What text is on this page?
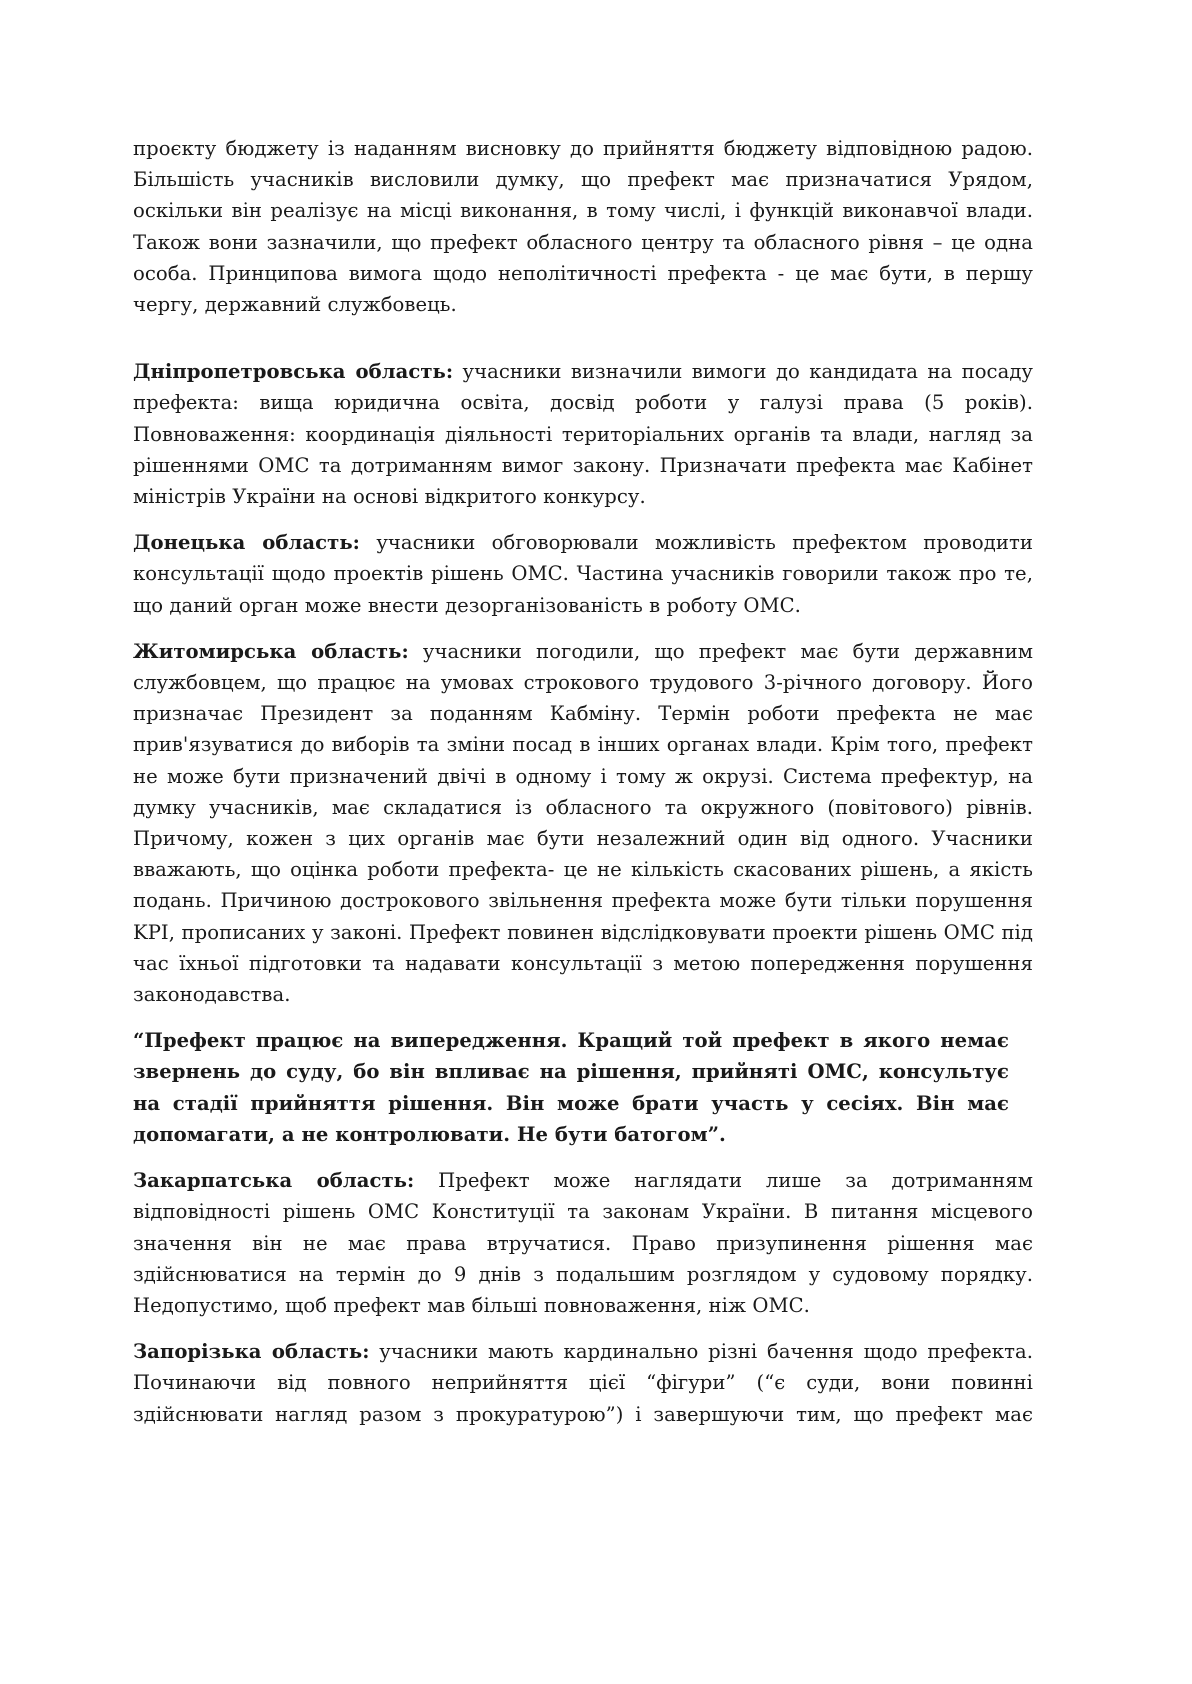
проєкту бюджету із наданням висновку до прийняття бюджету відповідною радою. Більшість учасників висловили думку, що префект має призначатися Урядом, оскільки він реалізує на місці виконання, в тому числі, і функцій виконавчої влади. Також вони зазначили, що префект обласного центру та обласного рівня – це одна особа. Принципова вимога щодо неполітичності префекта - це має бути, в першу чергу, державний службовець.

Дніпропетровська область: учасники визначили вимоги до кандидата на посаду префекта: вища юридична освіта, досвід роботи у галузі права (5 років). Повноваження: координація діяльності територіальних органів та влади, нагляд за рішеннями ОМС та дотриманням вимог закону. Призначати префекта має Кабінет міністрів України на основі відкритого конкурсу.

Донецька область: учасники обговорювали можливість префектом проводити консультації щодо проектів рішень ОМС. Частина учасників говорили також про те, що даний орган може внести дезорганізованість в роботу ОМС.

Житомирська область: учасники погодили, що префект має бути державним службовцем, що працює на умовах строкового трудового 3-річного договору. Його призначає Президент за поданням Кабміну. Термін роботи префекта не має прив'язуватися до виборів та зміни посад в інших органах влади. Крім того, префект не може бути призначений двічі в одному і тому ж окрузі. Система префектур, на думку учасників, має складатися із обласного та окружного (повітового) рівнів. Причому, кожен з цих органів має бути незалежний один від одного. Учасники вважають, що оцінка роботи префекта- це не кількість скасованих рішень, а якість подань. Причиною дострокового звільнення префекта може бути тільки порушення KPI, прописаних у законі. Префект повинен відслідковувати проекти рішень ОМС під час їхньої підготовки та надавати консультації з метою попередження порушення законодавства.

“Префект працює на випередження. Кращий той префект в якого немає звернень до суду, бо він впливає на рішення, прийняті ОМС, консультує на стадії прийняття рішення. Він може брати участь у сесіях. Він має допомагати, а не контролювати. Не бути батогом”.

Закарпатська область: Префект може наглядати лише за дотриманням відповідності рішень ОМС Конституції та законам України. В питання місцевого значення він не має права втручатися. Право призупинення рішення має здійснюватися на термін до 9 днів з подальшим розглядом у судовому порядку. Недопустимо, щоб префект мав більші повноваження, ніж ОМС.

Запорізька область: учасники мають кардинально різні бачення щодо префекта. Починаючи від повного неприйняття цієї “фігури” (“є суди, вони повинні здійснювати нагляд разом з прокуратурою”) і завершуючи тим, що префект має
